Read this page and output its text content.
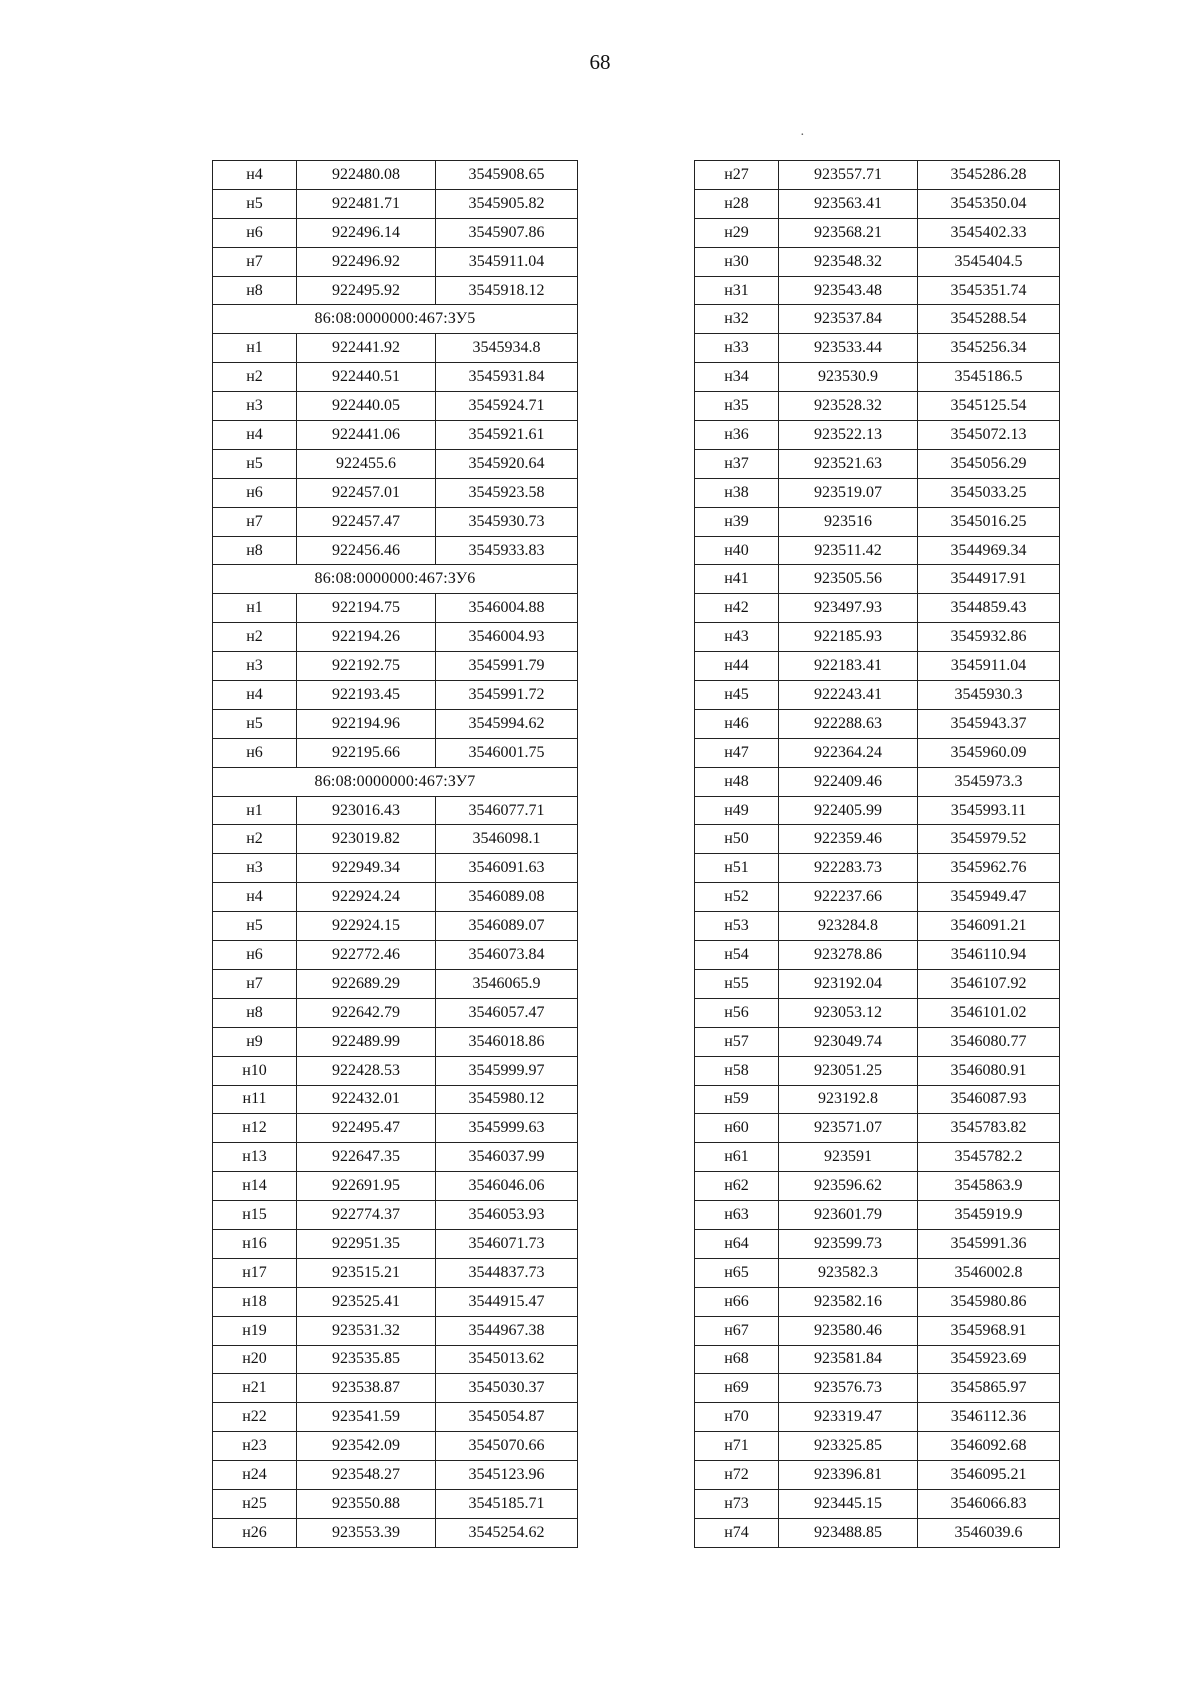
68
·
н4	922480.08	3545908.65
н5	922481.71	3545905.82
н6	922496.14	3545907.86
н7	922496.92	3545911.04
н8	922495.92	3545918.12
86:08:0000000:467:ЗУ5		
н1	922441.92	3545934.8
н2	922440.51	3545931.84
н3	922440.05	3545924.71
н4	922441.06	3545921.61
н5	922455.6	3545920.64
н6	922457.01	3545923.58
н7	922457.47	3545930.73
н8	922456.46	3545933.83
86:08:0000000:467:ЗУ6		
н1	922194.75	3546004.88
н2	922194.26	3546004.93
н3	922192.75	3545991.79
н4	922193.45	3545991.72
н5	922194.96	3545994.62
н6	922195.66	3546001.75
86:08:0000000:467:ЗУ7		
н1	923016.43	3546077.71
н2	923019.82	3546098.1
н3	922949.34	3546091.63
н4	922924.24	3546089.08
н5	922924.15	3546089.07
н6	922772.46	3546073.84
н7	922689.29	3546065.9
н8	922642.79	3546057.47
н9	922489.99	3546018.86
н10	922428.53	3545999.97
н11	922432.01	3545980.12
н12	922495.47	3545999.63
н13	922647.35	3546037.99
н14	922691.95	3546046.06
н15	922774.37	3546053.93
н16	922951.35	3546071.73
н17	923515.21	3544837.73
н18	923525.41	3544915.47
н19	923531.32	3544967.38
н20	923535.85	3545013.62
н21	923538.87	3545030.37
н22	923541.59	3545054.87
н23	923542.09	3545070.66
н24	923548.27	3545123.96
н25	923550.88	3545185.71
н26	923553.39	3545254.62
н27	923557.71	3545286.28
н28	923563.41	3545350.04
н29	923568.21	3545402.33
н30	923548.32	3545404.5
н31	923543.48	3545351.74
н32	923537.84	3545288.54
н33	923533.44	3545256.34
н34	923530.9	3545186.5
н35	923528.32	3545125.54
н36	923522.13	3545072.13
н37	923521.63	3545056.29
н38	923519.07	3545033.25
н39	923516	3545016.25
н40	923511.42	3544969.34
н41	923505.56	3544917.91
н42	923497.93	3544859.43
н43	922185.93	3545932.86
н44	922183.41	3545911.04
н45	922243.41	3545930.3
н46	922288.63	3545943.37
н47	922364.24	3545960.09
н48	922409.46	3545973.3
н49	922405.99	3545993.11
н50	922359.46	3545979.52
н51	922283.73	3545962.76
н52	922237.66	3545949.47
н53	923284.8	3546091.21
н54	923278.86	3546110.94
н55	923192.04	3546107.92
н56	923053.12	3546101.02
н57	923049.74	3546080.77
н58	923051.25	3546080.91
н59	923192.8	3546087.93
н60	923571.07	3545783.82
н61	923591	3545782.2
н62	923596.62	3545863.9
н63	923601.79	3545919.9
н64	923599.73	3545991.36
н65	923582.3	3546002.8
н66	923582.16	3545980.86
н67	923580.46	3545968.91
н68	923581.84	3545923.69
н69	923576.73	3545865.97
н70	923319.47	3546112.36
н71	923325.85	3546092.68
н72	923396.81	3546095.21
н73	923445.15	3546066.83
н74	923488.85	3546039.6
